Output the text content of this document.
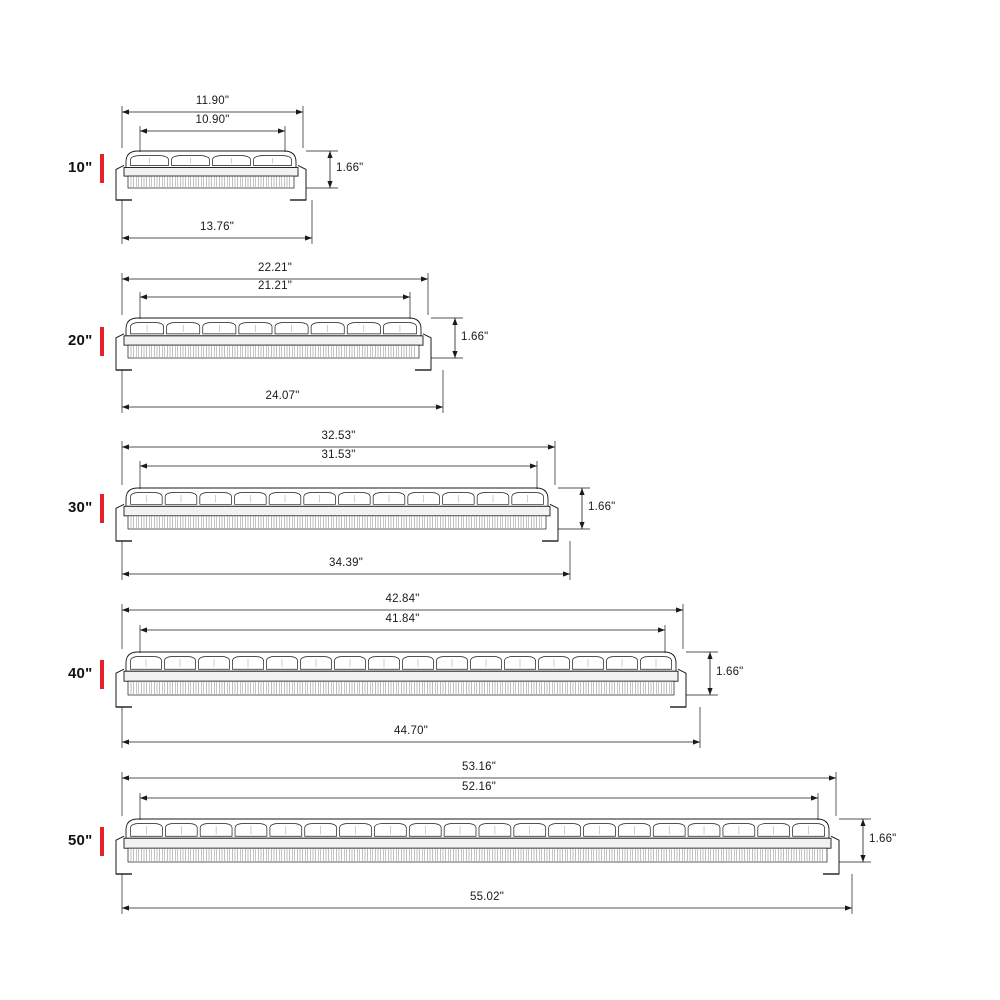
10"
11.90"
10.90"
13.76"
1.66"
20"
22.21"
21.21"
24.07"
1.66"
30"
32.53"
31.53"
34.39"
1.66"
40"
42.84"
41.84"
44.70"
1.66"
50"
53.16"
52.16"
55.02"
1.66"
